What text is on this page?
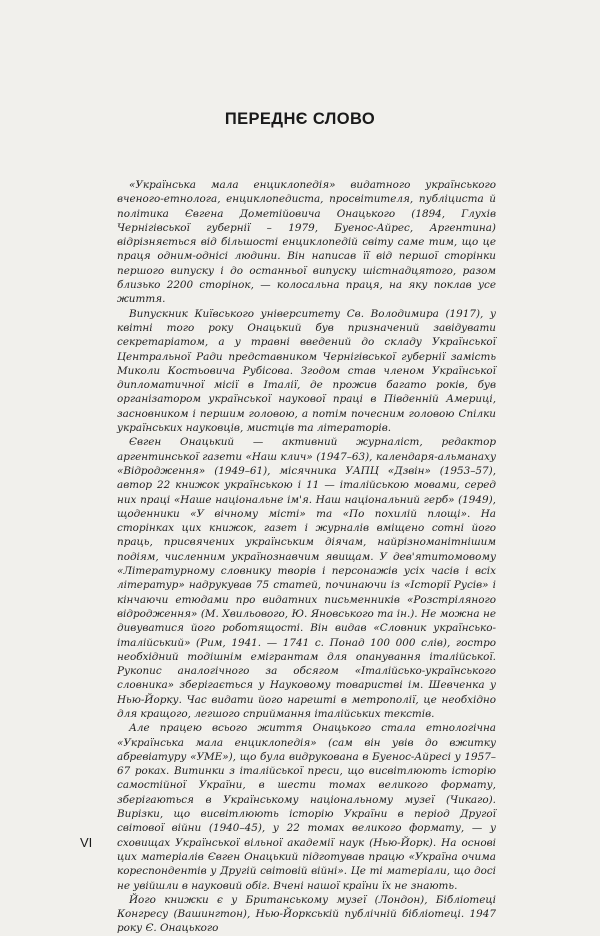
ПЕРЕДНЄ СЛОВО

«Українська мала енциклопедія» видатного українського вченого-етнолога, енциклопедиста, просвітителя, публіциста й політика Євгена Дометійовича Онацького (1894, Глухів Чернігівської губернії – 1979, Буенос-Айрес, Аргентина) відрізняється від більшості енциклопедій світу саме тим, що це праця одним-однісі людини. Він написав її від першої сторінки першого випуску і до останньої випуску шістнадцятого, разом близько 2200 сторінок, — колосальна праця, на яку поклав усе життя.

Випускник Київського університету Св. Володимира (1917), у квітні того року Онацький був призначений завідувати секретаріатом, а у травні введений до складу Української Центральної Ради представником Чернігівської губернії замість Миколи Костьовича Рубісова. Згодом став членом Української дипломатичної місії в Італії, де прожив багато років, був організатором української наукової праці в Південній Америці, засновником і першим головою, а потім почесним головою Спілки українських науковців, мистців та літераторів.

Євген Онацький — активний журналіст, редактор аргентинської газети «Наш клич» (1947–63), календаря-альманаху «Відродження» (1949–61), місячника УАПЦ «Дзвін» (1953–57), автор 22 книжок українською і 11 — італійською мовами, серед них праці «Наше національне ім'я. Наш національний герб» (1949), щоденники «У вічному місті» та «По похилій площі». На сторінках цих книжок, газет і журналів вміщено сотні його праць, присвячених українським діячам, найрізноманітнішим подіям, численним українознавчим явищам. У дев'ятитомовому «Літературному словнику творів і персонажів усіх часів і всіх літератур» надрукував 75 статей, починаючи із «Історії Русів» і кінчаючи етюдами про видатних письменників «Розстріляного відродження» (М. Хвильового, Ю. Яновського та ін.). Не можна не дивуватися його роботящості. Він видав «Словник українсько-італійський» (Рим, 1941. — 1741 с. Понад 100 000 слів), гостро необхідний тодішнім емігрантам для опанування італійської. Рукопис аналогічного за обсягом «Італійсько-українського словника» зберігається у Науковому товаристві ім. Шевченка у Нью-Йорку. Час видати його нарешті в метрополії, це необхідно для кращого, легшого сприймання італійських текстів.

Але працею всього життя Онацького стала етнологічна «Українська мала енциклопедія» (сам він увів до вжитку абревіатуру «УМЕ»), що була видрукована в Буенос-Айресі у 1957–67 роках. Витинки з італійської преси, що висвітлюють історію самостійної України, в шести томах великого формату, зберігаються в Українському національному музеї (Чикаго). Вирізки, що висвітлюють історію України в період Другої світової війни (1940–45), у 22 томах великого формату, — у сховищах Української вільної академії наук (Нью-Йорк). На основі цих матеріалів Євген Онацький підготував працю «Україна очима кореспондентів у Другій світовій війні». Це ті матеріали, що досі не увійшли в науковий обіг. Вчені нашої країни їх не знають.

Його книжки є у Британському музеї (Лондон), Бібліотеці Конгресу (Вашингтон), Нью-Йоркській публічній бібліотеці. 1947 року Є. Онацького

VI
